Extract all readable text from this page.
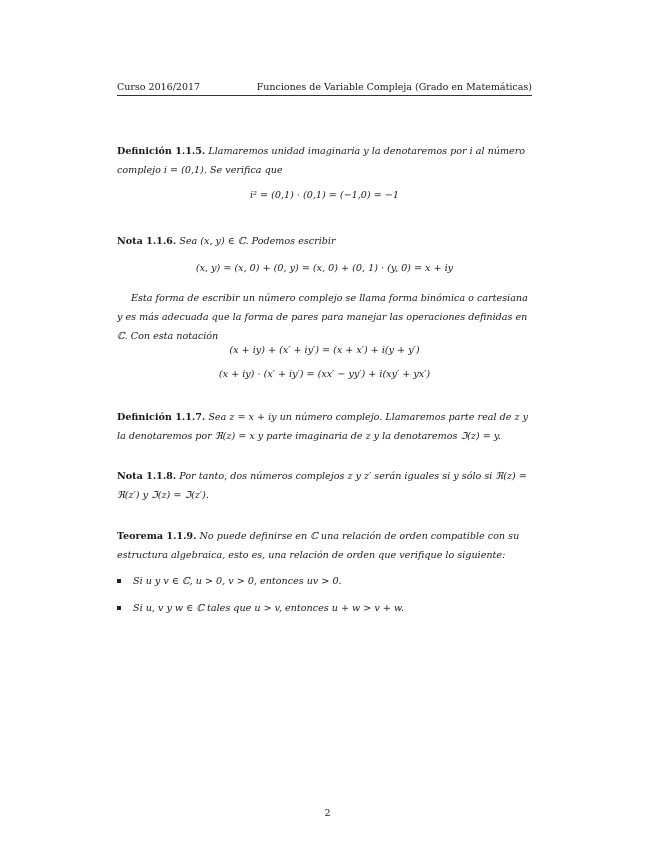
Curso 2016/2017	Funciones de Variable Compleja (Grado en Matemáticas)
Definición 1.1.5. Llamaremos unidad imaginaria y la denotaremos por i al número complejo i = (0,1). Se verifica que
i² = (0,1) · (0,1) = (−1,0) = −1
Nota 1.1.6. Sea (x, y) ∈ ℂ. Podemos escribir
(x, y) = (x, 0) + (0, y) = (x, 0) + (0, 1) · (y, 0) = x + iy
Esta forma de escribir un número complejo se llama forma binómica o cartesiana y es más adecuada que la forma de pares para manejar las operaciones definidas en ℂ. Con esta notación
(x + iy) + (x′ + iy′) = (x + x′) + i(y + y′)
(x + iy) · (x′ + iy′) = (xx′ − yy′) + i(xy′ + yx′)
Definición 1.1.7. Sea z = x + iy un número complejo. Llamaremos parte real de z y la denotaremos por ℜ(z) = x y parte imaginaria de z y la denotaremos ℑ(z) = y.
Nota 1.1.8. Por tanto, dos números complejos z y z′ serán iguales si y sólo si ℜ(z) = ℜ(z′) y ℑ(z) = ℑ(z′).
Teorema 1.1.9. No puede definirse en ℂ una relación de orden compatible con su estructura algebraica, esto es, una relación de orden que verifique lo siguiente:
Si u y v ∈ ℂ, u > 0, v > 0, entonces uv > 0.
Si u, v y w ∈ ℂ tales que u > v, entonces u + w > v + w.
2
